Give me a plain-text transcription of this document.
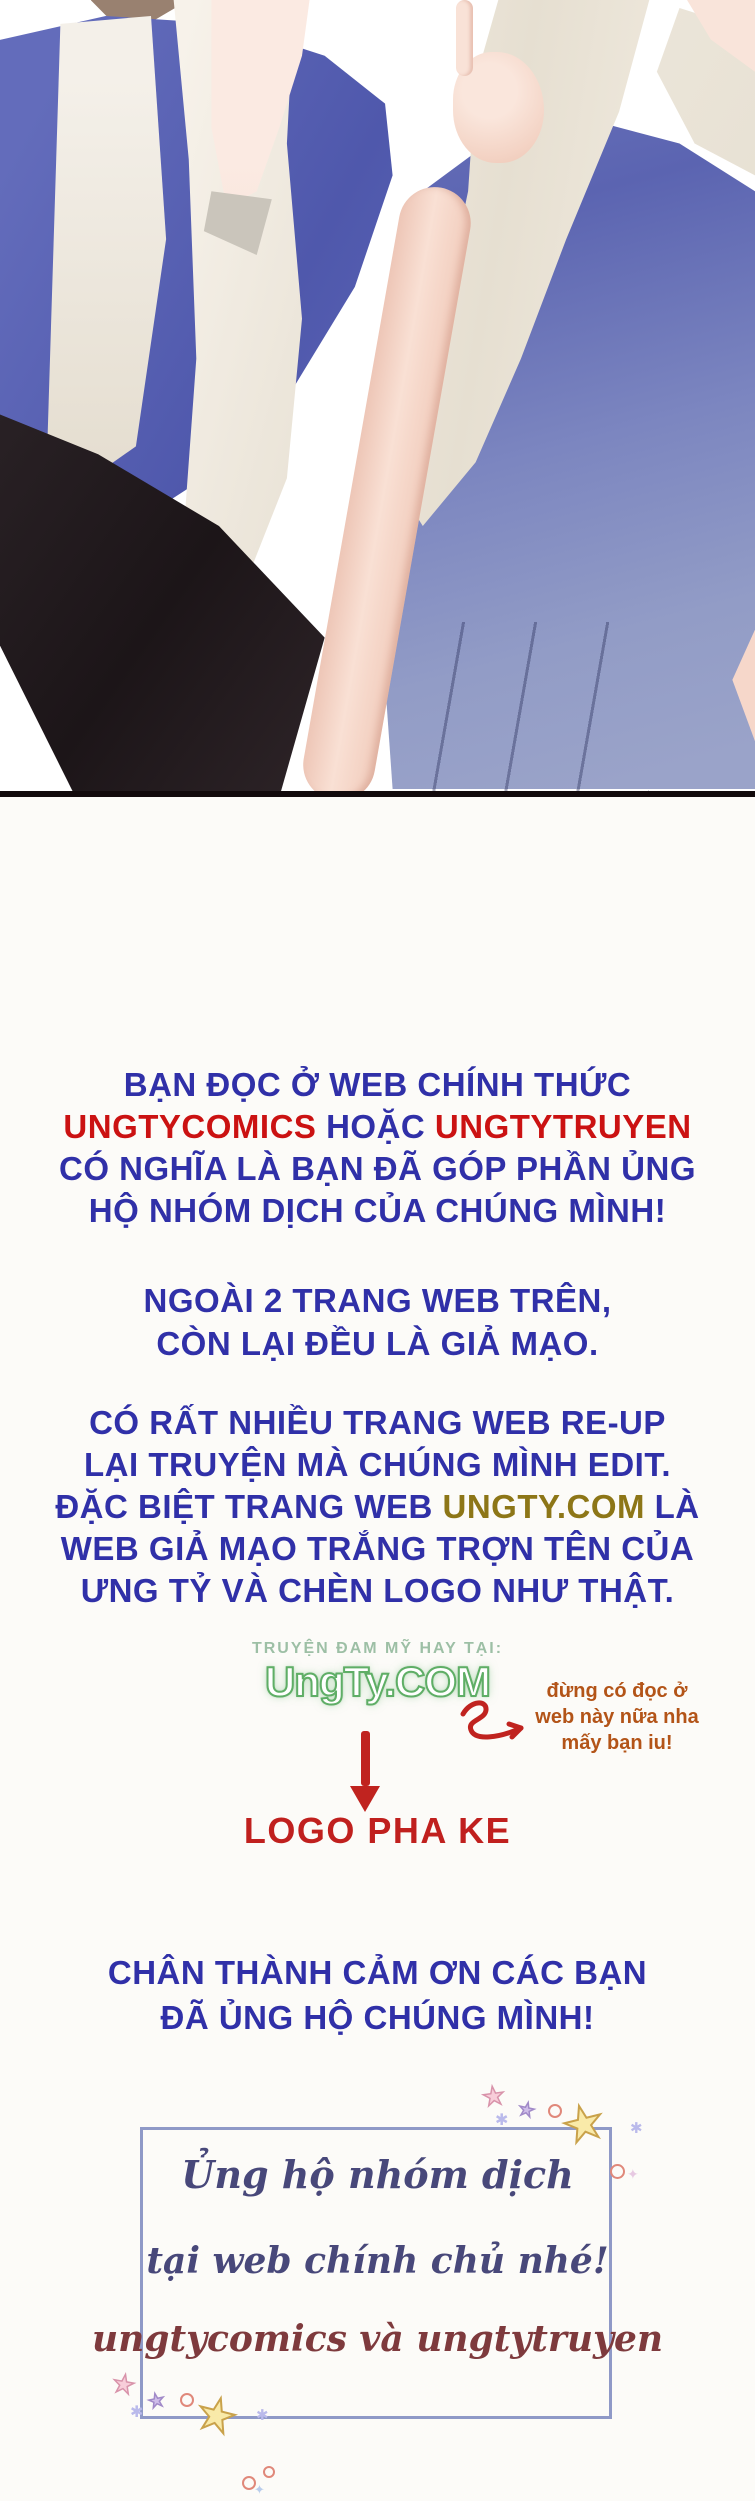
BẠN ĐỌC Ở WEB CHÍNH THỨC
UNGTYCOMICS HOẶC UNGTYTRUYEN
CÓ NGHĨA LÀ BẠN ĐÃ GÓP PHẦN ỦNG
HỘ NHÓM DỊCH CỦA CHÚNG MÌNH!
NGOÀI 2 TRANG WEB TRÊN,
CÒN LẠI ĐỀU LÀ GIẢ MẠO.
CÓ RẤT NHIỀU TRANG WEB RE-UP
LẠI TRUYỆN MÀ CHÚNG MÌNH EDIT.
ĐẶC BIỆT TRANG WEB UNGTY.COM LÀ
WEB GIẢ MẠO TRẮNG TRỢN TÊN CỦA
ƯNG TỶ VÀ CHÈN LOGO NHƯ THẬT.
TRUYỆN ĐAM MỸ HAY TẠI:
UngTy.COM	đừng có đọc ở
web này nữa nha
mấy bạn iu!
LOGO PHA KE
CHÂN THÀNH CẢM ƠN CÁC BẠN
ĐÃ ỦNG HỘ CHÚNG MÌNH!
Ủng hộ nhóm dịch
tại web chính chủ nhé!
ungtycomics và ungtytruyen
★ ★ ★
✱	✱
✦
★ ★ ★
✱	✱
✦
